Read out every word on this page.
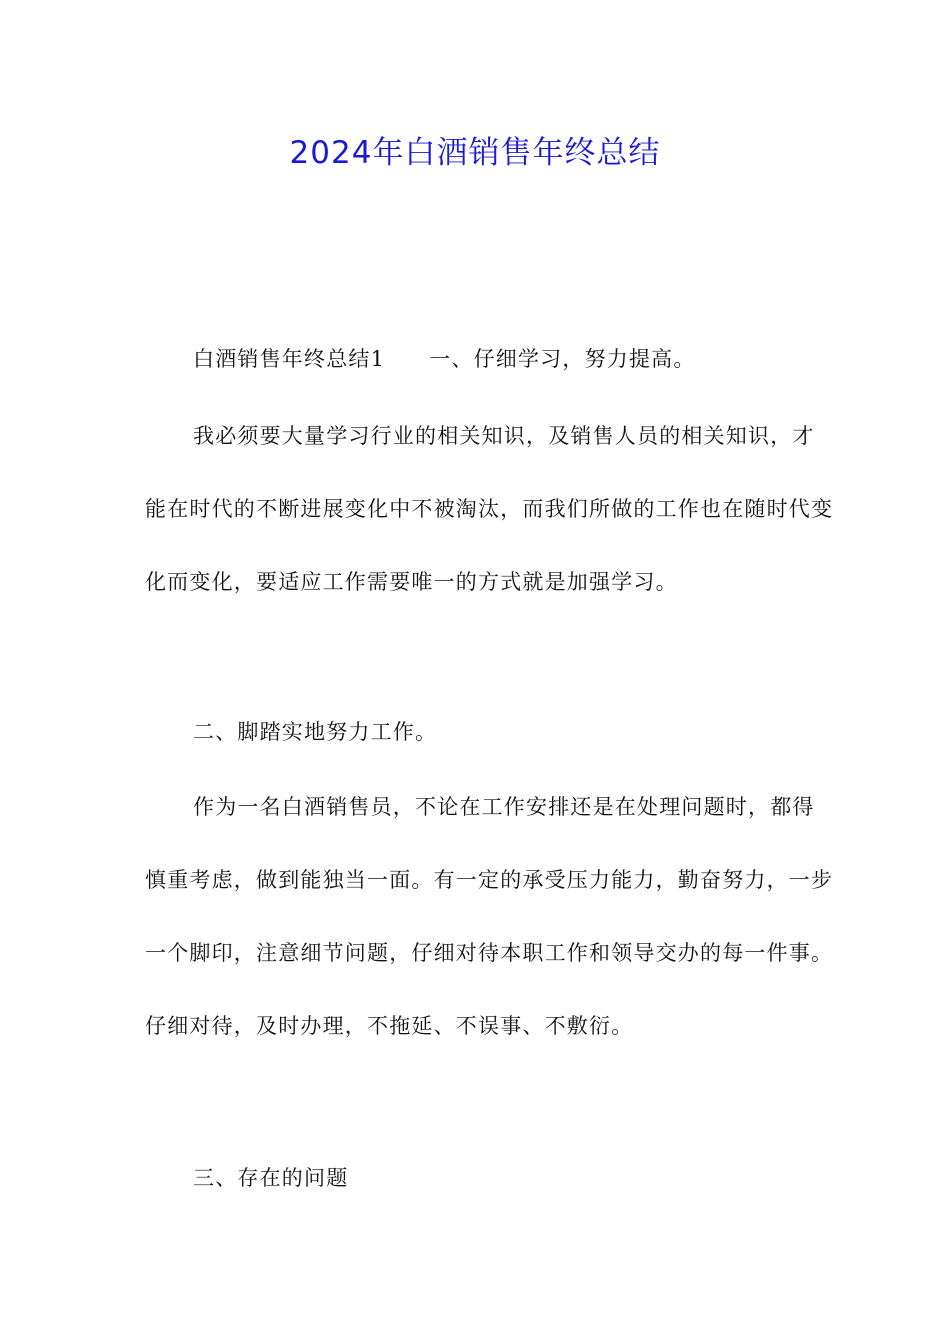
2024年白酒销售年终总结

白酒销售年终总结1 一、仔细学习，努力提高。

我必须要大量学习行业的相关知识，及销售人员的相关知识，才能在时代的不断进展变化中不被淘汰，而我们所做的工作也在随时代变化而变化，要适应工作需要唯一的方式就是加强学习。

二、脚踏实地努力工作。

作为一名白酒销售员，不论在工作安排还是在处理问题时，都得慎重考虑，做到能独当一面。有一定的承受压力能力，勤奋努力，一步一个脚印，注意细节问题，仔细对待本职工作和领导交办的每一件事。仔细对待，及时办理，不拖延、不误事、不敷衍。

三、存在的问题
